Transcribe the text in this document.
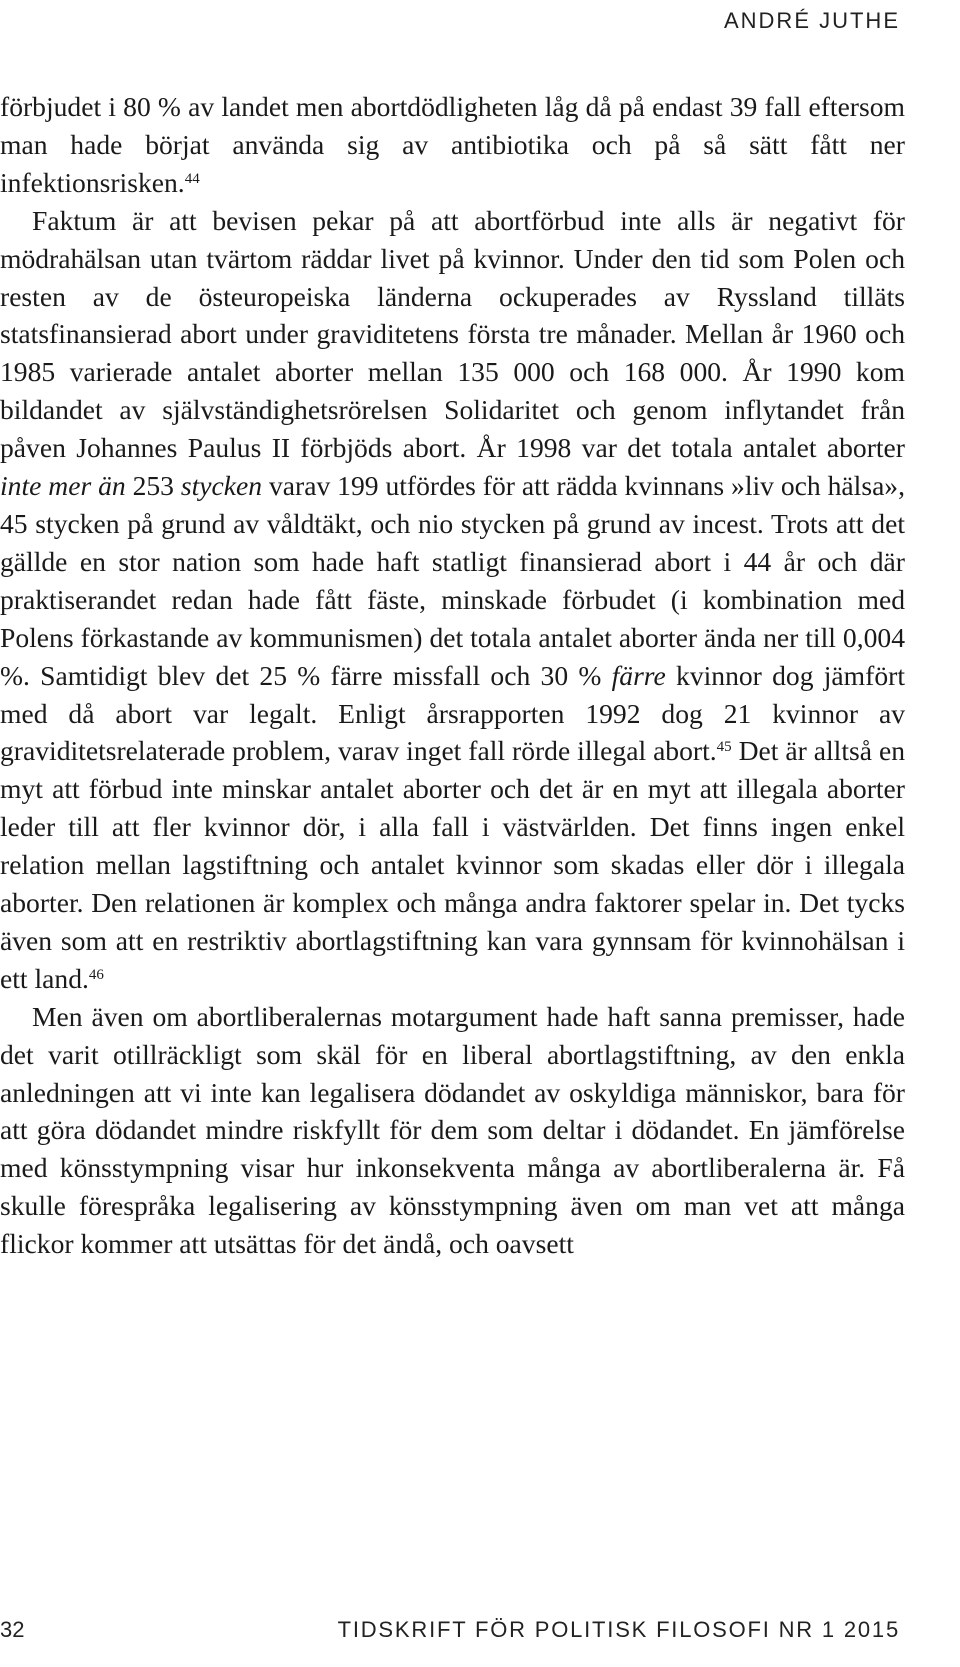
ANDRÉ JUTHE

förbjudet i 80 % av landet men abortdödligheten låg då på endast 39 fall eftersom man hade börjat använda sig av antibiotika och på så sätt fått ner infektionsrisken.$^{44}$

Faktum är att bevisen pekar på att abortförbud inte alls är negativt för mödrahälsan utan tvärtom räddar livet på kvinnor. Under den tid som Polen och resten av de östeuropeiska länderna ockuperades av Ryssland tilläts statsfinansierad abort under graviditetens första tre månader. Mellan år 1960 och 1985 varierade antalet aborter mellan 135 000 och 168 000. År 1990 kom bildandet av självständighetsrörelsen Solidaritet och genom inflytandet från påven Johannes Paulus II förbjöds abort. År 1998 var det totala antalet aborter inte mer än 253 stycken varav 199 utfördes för att rädda kvinnans »liv och hälsa», 45 stycken på grund av våldtäkt, och nio stycken på grund av incest. Trots att det gällde en stor nation som hade haft statligt finansierad abort i 44 år och där praktiserandet redan hade fått fäste, minskade förbudet (i kombination med Polens förkastande av kommunismen) det totala antalet aborter ända ner till 0,004 %. Samtidigt blev det 25 % färre missfall och 30 % färre kvinnor dog jämfört med då abort var legalt. Enligt årsrapporten 1992 dog 21 kvinnor av graviditetsrelaterade problem, varav inget fall rörde illegal abort.$^{45}$ Det är alltså en myt att förbud inte minskar antalet aborter och det är en myt att illegala aborter leder till att fler kvinnor dör, i alla fall i västvärlden. Det finns ingen enkel relation mellan lagstiftning och antalet kvinnor som skadas eller dör i illegala aborter. Den relationen är komplex och många andra faktorer spelar in. Det tycks även som att en restriktiv abortlagstiftning kan vara gynnsam för kvinnohälsan i ett land.$^{46}$

Men även om abortliberalernas motargument hade haft sanna premisser, hade det varit otillräckligt som skäl för en liberal abortlagstiftning, av den enkla anledningen att vi inte kan legalisera dödandet av oskyldiga människor, bara för att göra dödandet mindre riskfyllt för dem som deltar i dödandet. En jämförelse med könsstympning visar hur inkonsekventa många av abortliberalerna är. Få skulle förespråka legalisering av könsstympning även om man vet att många flickor kommer att utsättas för det ändå, och oavsett

32	TIDSKRIFT FÖR POLITISK FILOSOFI NR 1 2015
